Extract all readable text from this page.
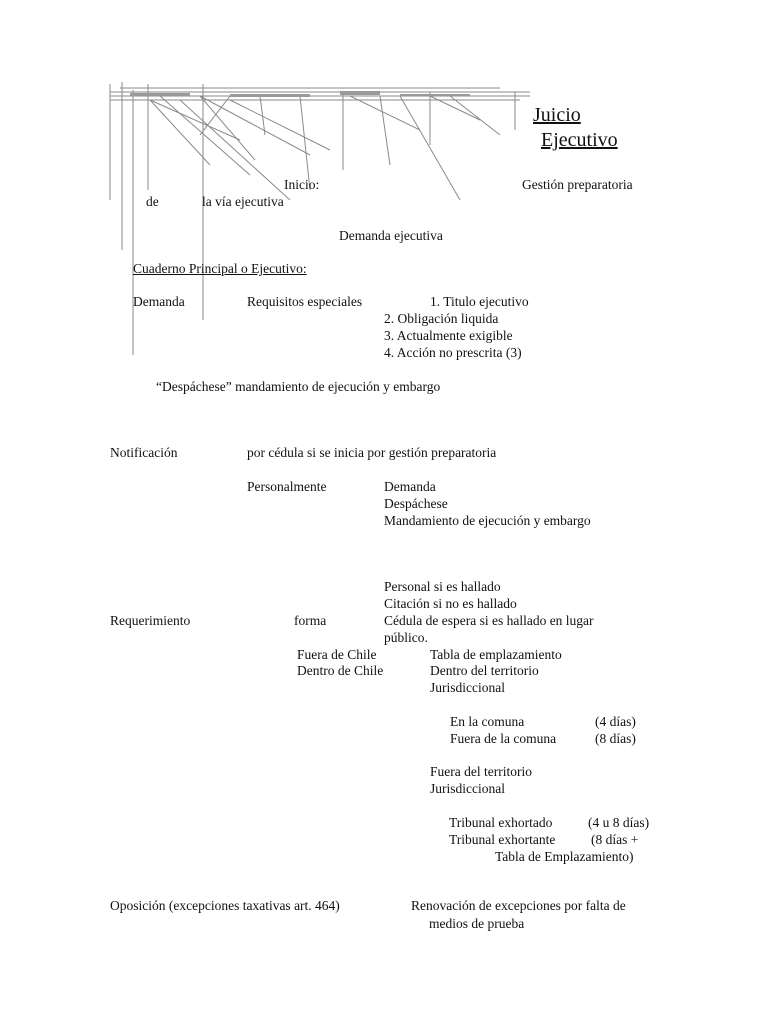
Juicio
Ejecutivo
Inicio:	Gestión preparatoria
de	la vía ejecutiva
Demanda ejecutiva
Cuaderno Principal o Ejecutivo:
Demanda	Requisitos especiales	1. Titulo ejecutivo
2. Obligación liquida
3. Actualmente exigible
4. Acción no prescrita (3)
“Despáchese” mandamiento de ejecución y embargo
Notificación	por cédula si se inicia por gestión preparatoria
Personalmente	Demanda
Despáchese
Mandamiento de ejecución y embargo
Personal si es hallado
Citación si no es hallado
Requerimiento	forma	Cédula de espera si es hallado en lugar
público.
Fuera de Chile	Tabla de emplazamiento
Dentro de Chile	Dentro del territorio
Jurisdiccional
En la comuna	(4 días)
Fuera de la comuna	(8 días)
Fuera del territorio
Jurisdiccional
Tribunal exhortado	(4 u 8 días)
Tribunal exhortante	(8 días +
Tabla de Emplazamiento)
Oposición (excepciones taxativas art. 464)	Renovación de excepciones por falta de
medios de prueba
